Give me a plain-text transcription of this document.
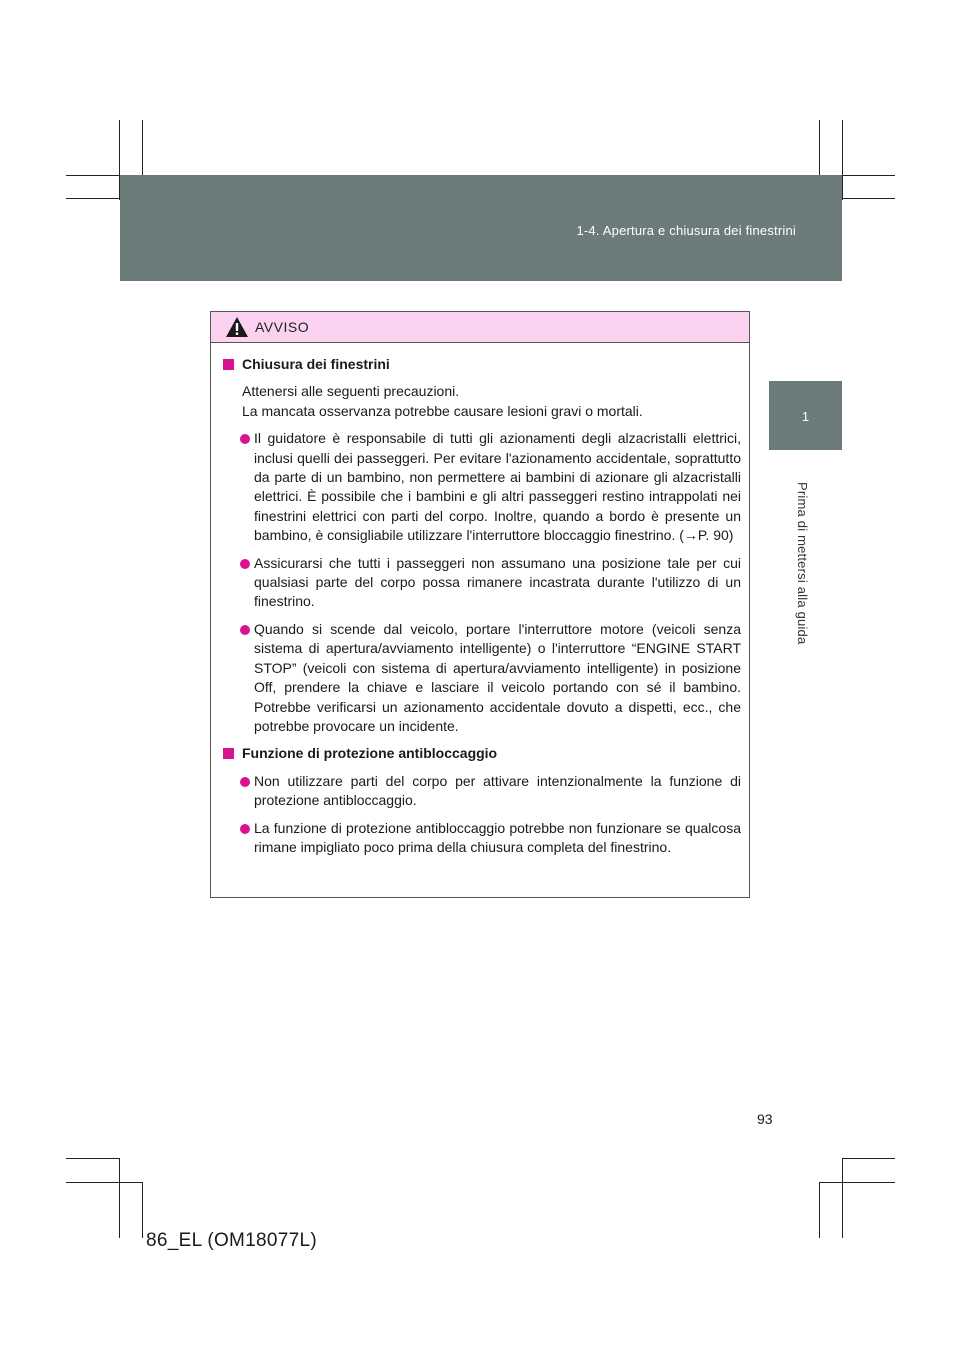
1-4. Apertura e chiusura dei finestrini
1
Prima di mettersi alla guida
AVVISO
Chiusura dei finestrini
Attenersi alle seguenti precauzioni.
La mancata osservanza potrebbe causare lesioni gravi o mortali.
Il guidatore è responsabile di tutti gli azionamenti degli alzacristalli elettrici, inclusi quelli dei passeggeri. Per evitare l'azionamento accidentale, soprattutto da parte di un bambino, non permettere ai bambini di azionare gli alzacristalli elettrici. È possibile che i bambini e gli altri passeggeri restino intrappolati nei finestrini elettrici con parti del corpo. Inoltre, quando a bordo è presente un bambino, è consigliabile utilizzare l'interruttore bloccaggio finestrino. (→P. 90)
Assicurarsi che tutti i passeggeri non assumano una posizione tale per cui qualsiasi parte del corpo possa rimanere incastrata durante l'utilizzo di un finestrino.
Quando si scende dal veicolo, portare l'interruttore motore (veicoli senza sistema di apertura/avviamento intelligente) o l'interruttore “ENGINE START STOP” (veicoli con sistema di apertura/avviamento intelligente) in posizione Off, prendere la chiave e lasciare il veicolo portando con sé il bambino. Potrebbe verificarsi un azionamento accidentale dovuto a dispetti, ecc., che potrebbe provocare un incidente.
Funzione di protezione antibloccaggio
Non utilizzare parti del corpo per attivare intenzionalmente la funzione di protezione antibloccaggio.
La funzione di protezione antibloccaggio potrebbe non funzionare se qualcosa rimane impigliato poco prima della chiusura completa del finestrino.
93
86_EL (OM18077L)
